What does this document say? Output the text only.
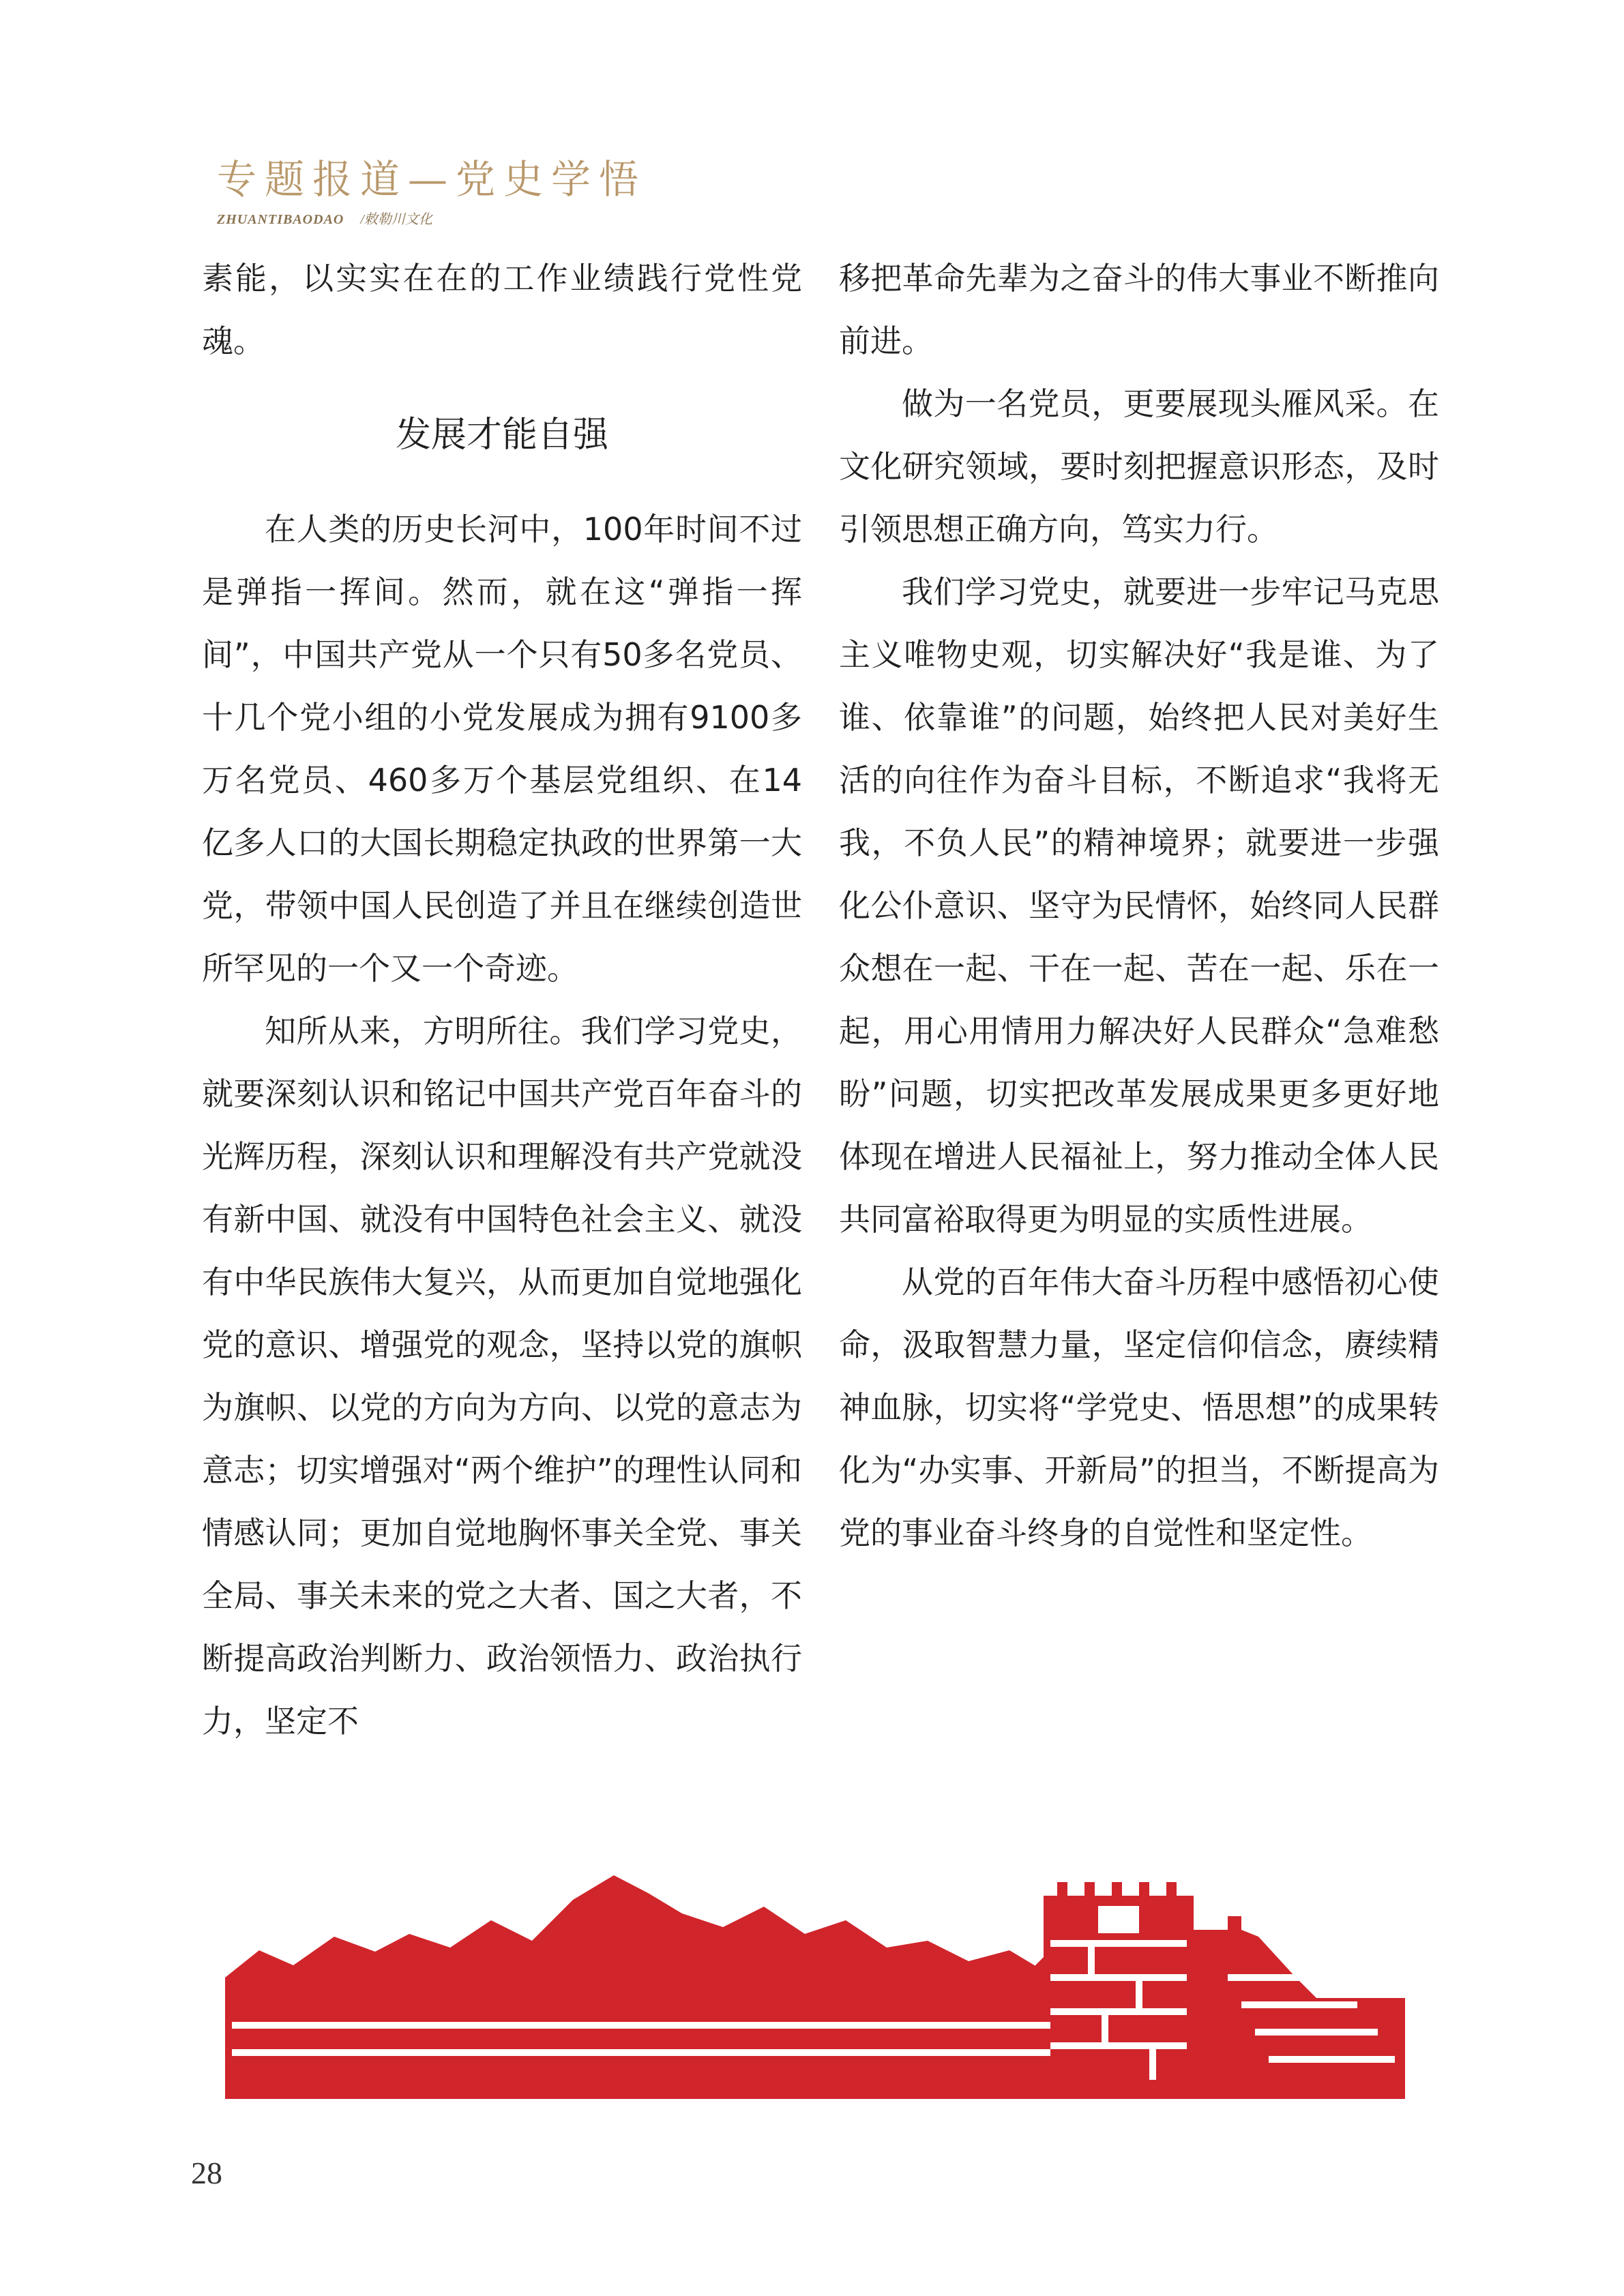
专题报道—党史学悟
ZHUANTIBAODAO /敕勒川文化

素能，以实实在在的工作业绩践行党性党魂。

发展才能自强

在人类的历史长河中，100年时间不过是弹指一挥间。然而，就在这“弹指一挥间”，中国共产党从一个只有50多名党员、十几个党小组的小党发展成为拥有9100多万名党员、460多万个基层党组织、在14亿多人口的大国长期稳定执政的世界第一大党，带领中国人民创造了并且在继续创造世所罕见的一个又一个奇迹。

知所从来，方明所往。我们学习党史，就要深刻认识和铭记中国共产党百年奋斗的光辉历程，深刻认识和理解没有共产党就没有新中国、就没有中国特色社会主义、就没有中华民族伟大复兴，从而更加自觉地强化党的意识、增强党的观念，坚持以党的旗帜为旗帜、以党的方向为方向、以党的意志为意志；切实增强对“两个维护”的理性认同和情感认同；更加自觉地胸怀事关全党、事关全局、事关未来的党之大者、国之大者，不断提高政治判断力、政治领悟力、政治执行力，坚定不

移把革命先辈为之奋斗的伟大事业不断推向前进。

做为一名党员，更要展现头雁风采。在文化研究领域，要时刻把握意识形态，及时引领思想正确方向，笃实力行。

我们学习党史，就要进一步牢记马克思主义唯物史观，切实解决好“我是谁、为了谁、依靠谁”的问题，始终把人民对美好生活的向往作为奋斗目标，不断追求“我将无我，不负人民”的精神境界；就要进一步强化公仆意识、坚守为民情怀，始终同人民群众想在一起、干在一起、苦在一起、乐在一起，用心用情用力解决好人民群众“急难愁盼”问题，切实把改革发展成果更多更好地体现在增进人民福祉上，努力推动全体人民共同富裕取得更为明显的实质性进展。

从党的百年伟大奋斗历程中感悟初心使命，汲取智慧力量，坚定信仰信念，赓续精神血脉，切实将“学党史、悟思想”的成果转化为“办实事、开新局”的担当，不断提高为党的事业奋斗终身的自觉性和坚定性。

28
